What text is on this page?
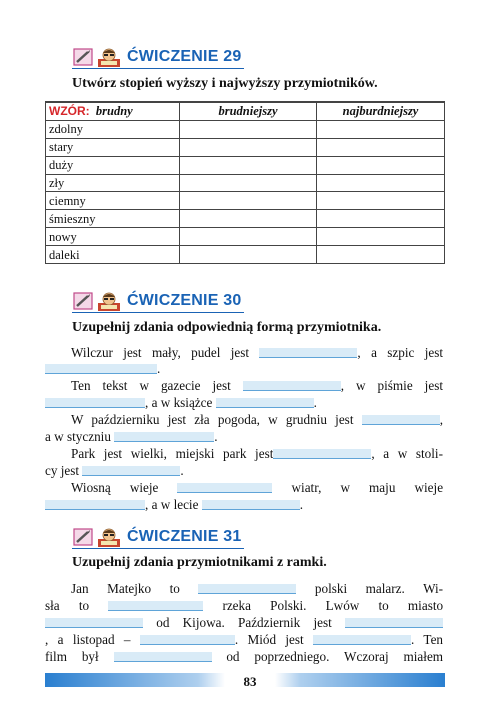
ĆWICZENIE 29
Utwórz stopień wyższy i najwyższy przymiotników.
WZÓR: brudny	brudniejszy	najburdniejszy
zdolny		
stary		
duży		
zły		
ciemny		
śmieszny		
nowy		
daleki		
ĆWICZENIE 30
Uzupełnij zdania odpowiednią formą przymiotnika.
Wilczur jest mały, pudel jest	, a szpic jest
.
Ten tekst w gazecie jest	, w piśmie jest
, a w książce	.
W październiku jest zła pogoda, w grudniu jest	,
a w styczniu	.
Park jest wielki, miejski park jest	, a w stoli-
cy jest	.
Wiosną wieje	wiatr, w maju wieje
, a w lecie	.
ĆWICZENIE 31
Uzupełnij zdania przymiotnikami z ramki.
Jan Matejko to	polski malarz. Wi-
sła to	rzeka Polski. Lwów to miasto
od Kijowa. Październik jest
, a listopad –	. Miód jest	. Ten
film był	od poprzedniego. Wczoraj miałem
83
